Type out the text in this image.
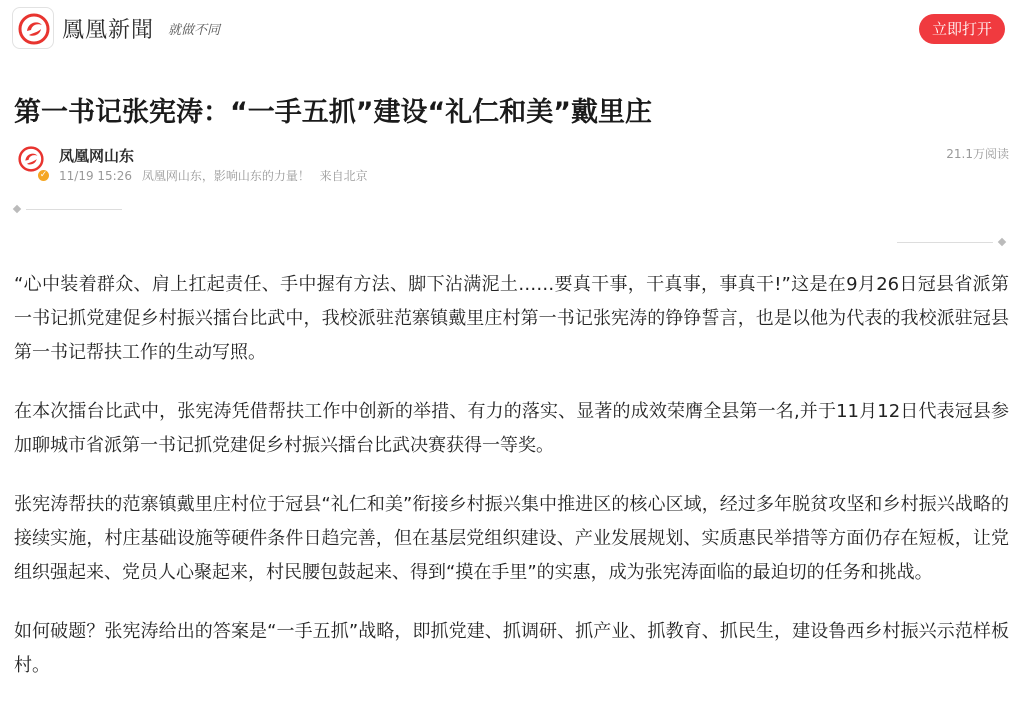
鳳凰新聞 就做不同	立即打开
第一书记张宪涛：“一手五抓”建设“礼仁和美”戴里庄
✓
凤凰网山东
11/19 15:26 凤凰网山东，影响山东的力量！ 来自北京
21.1万阅读

“心中装着群众、肩上扛起责任、手中握有方法、脚下沾满泥土……要真干事，干真事，事真干!”这是在9月26日冠县省派第一书记抓党建促乡村振兴擂台比武中，我校派驻范寨镇戴里庄村第一书记张宪涛的铮铮誓言，也是以他为代表的我校派驻冠县第一书记帮扶工作的生动写照。

在本次擂台比武中，张宪涛凭借帮扶工作中创新的举措、有力的落实、显著的成效荣膺全县第一名,并于11月12日代表冠县参加聊城市省派第一书记抓党建促乡村振兴擂台比武决赛获得一等奖。

张宪涛帮扶的范寨镇戴里庄村位于冠县“礼仁和美”衔接乡村振兴集中推进区的核心区域，经过多年脱贫攻坚和乡村振兴战略的接续实施，村庄基础设施等硬件条件日趋完善，但在基层党组织建设、产业发展规划、实质惠民举措等方面仍存在短板，让党组织强起来、党员人心聚起来，村民腰包鼓起来、得到“摸在手里”的实惠，成为张宪涛面临的最迫切的任务和挑战。

如何破题？张宪涛给出的答案是“一手五抓”战略，即抓党建、抓调研、抓产业、抓教育、抓民生，建设鲁西乡村振兴示范样板村。
